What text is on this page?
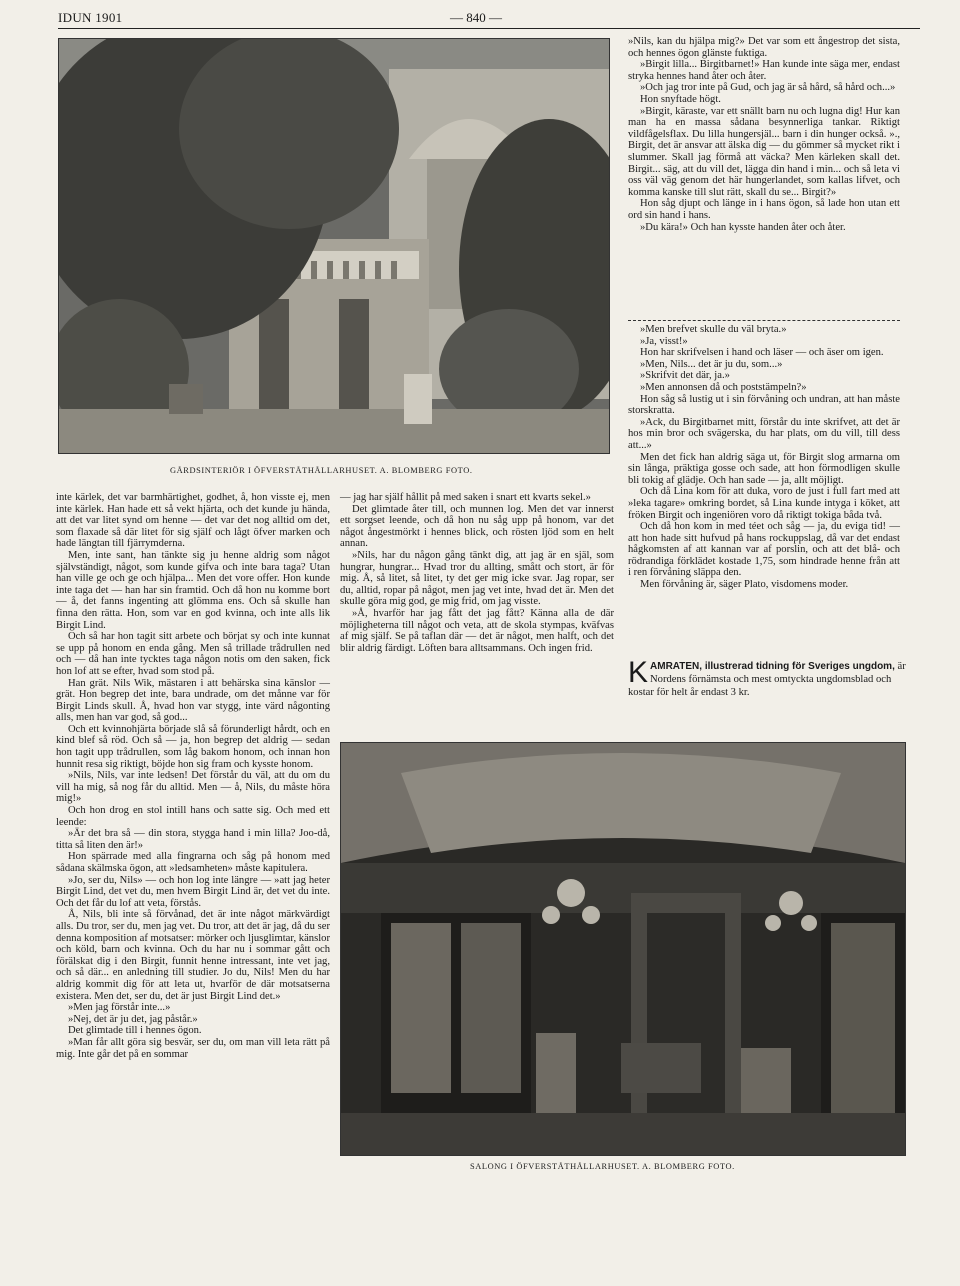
IDUN 1901	— 840 —
GÅRDSINTERIÖR I ÖFVERSTÅTHÅLLARHUSET. A. BLOMBERG FOTO.

»Nils, kan du hjälpa mig?» Det var som ett ångestrop det sista, och hennes ögon glänste fuktiga.

»Birgit lilla... Birgitbarnet!» Han kunde inte säga mer, endast stryka hennes hand åter och åter.

»Och jag tror inte på Gud, och jag är så hård, så hård och...»

Hon snyftade högt.

»Birgit, käraste, var ett snällt barn nu och lugna dig! Hur kan man ha en massa sådana besynnerliga tankar. Riktigt vildfågelsflax. Du lilla hungersjäl... barn i din hunger också. »., Birgit, det är ansvar att älska dig — du gömmer så mycket rikt i slummer. Skall jag förmå att väcka? Men kärleken skall det. Birgit... säg, att du vill det, lägga din hand i min... och så leta vi oss väl väg genom det här hungerlandet, som kallas lifvet, och komma kanske till slut rätt, skall du se... Birgit?»

Hon såg djupt och länge in i hans ögon, så lade hon utan ett ord sin hand i hans.

»Du kära!» Och han kysste handen åter och åter.

»Men brefvet skulle du väl bryta.»

»Ja, visst!»

Hon har skrifvelsen i hand och läser — och äser om igen.

»Men, Nils... det är ju du, som...»

»Skrifvit det där, ja.»

»Men annonsen då och poststämpeln?»

Hon såg så lustig ut i sin förvåning och undran, att han måste storskratta.

»Ack, du Birgitbarnet mitt, förstår du inte skrifvet, att det är hos min bror och svägerska, du har plats, om du vill, till dess att...»

Men det fick han aldrig säga ut, för Birgit slog armarna om sin långa, präktiga gosse och sade, att hon förmodligen skulle bli tokig af glädje. Och han sade — ja, allt möjligt.

Och då Lina kom för att duka, voro de just i full fart med att »leka tagare» omkring bordet, så Lina kunde intyga i köket, att fröken Birgit och ingeniören voro då riktigt tokiga båda två.

Och då hon kom in med téet och såg — ja, du eviga tid! — att hon hade sitt hufvud på hans rockuppslag, då var det endast hågkomsten af att kannan var af porslin, och att det blå- och rödrandiga förklädet kostade 1,75, som hindrade henne från att i ren förvåning släppa den.

Men förvåning är, säger Plato, visdomens moder.

K AMRATEN, illustrerad tidning för Sveriges ungdom, är Nordens förnämsta och mest omtyckta ungdomsblad och kostar för helt år endast 3 kr.

inte kärlek, det var barmhärtighet, godhet, å, hon visste ej, men inte kärlek. Han hade ett så vekt hjärta, och det kunde ju hända, att det var litet synd om henne — det var det nog alltid om det, som flaxade så där litet för sig själf och lågt öfver marken och hade längtan till fjärrymderna.

Men, inte sant, han tänkte sig ju henne aldrig som något självständigt, något, som kunde gifva och inte bara taga? Utan han ville ge och ge och hjälpa... Men det vore offer. Hon kunde inte taga det — han har sin framtid. Och då hon nu komme bort — å, det fanns ingenting att glömma ens. Och så skulle han finna den rätta. Hon, som var en god kvinna, och inte alls lik Birgit Lind.

Och så har hon tagit sitt arbete och börjat sy och inte kunnat se upp på honom en enda gång. Men så trillade trådrullen ned och — då han inte tycktes taga någon notis om den saken, fick hon lof att se efter, hvad som stod på.

Han grät. Nils Wik, mästaren i att behärska sina känslor — grät. Hon begrep det inte, bara undrade, om det månne var för Birgit Linds skull. Å, hvad hon var stygg, inte värd någonting alls, men han var god, så god...

Och ett kvinnohjärta började slå så förunderligt hårdt, och en kind blef så röd. Och så — ja, hon begrep det aldrig — sedan hon tagit upp trådrullen, som låg bakom honom, och innan hon hunnit resa sig riktigt, böjde hon sig fram och kysste honom.

»Nils, Nils, var inte ledsen! Det förstår du väl, att du om du vill ha mig, så nog får du alltid. Men — å, Nils, du måste höra mig!»

Och hon drog en stol intill hans och satte sig. Och med ett leende:

»Är det bra så — din stora, stygga hand i min lilla? Joo-då, titta så liten den är!»

Hon spärrade med alla fingrarna och såg på honom med sådana skälmska ögon, att »ledsamheten» måste kapitulera.

»Jo, ser du, Nils» — och hon log inte längre — »att jag heter Birgit Lind, det vet du, men hvem Birgit Lind är, det vet du inte. Och det får du lof att veta, förstås.

Å, Nils, bli inte så förvånad, det är inte något märkvärdigt alls. Du tror, ser du, men jag vet. Du tror, att det är jag, då du ser denna komposition af motsatser: mörker och ljusglimtar, känslor och köld, barn och kvinna. Och du har nu i sommar gått och förälskat dig i den Birgit, funnit henne intressant, inte vet jag, och så där... en anledning till studier. Jo du, Nils! Men du har aldrig kommit dig för att leta ut, hvarför de där motsatserna existera. Men det, ser du, det är just Birgit Lind det.»

»Men jag förstår inte...»

»Nej, det är ju det, jag påstår.»

Det glimtade till i hennes ögon.

»Man får allt göra sig besvär, ser du, om man vill leta rätt på mig. Inte går det på en sommar

— jag har själf hållit på med saken i snart ett kvarts sekel.»

Det glimtade åter till, och munnen log. Men det var innerst ett sorgset leende, och då hon nu såg upp på honom, var det något ångestmörkt i hennes blick, och rösten ljöd som en helt annan.

»Nils, har du någon gång tänkt dig, att jag är en själ, som hungrar, hungrar... Hvad tror du allting, smått och stort, är för mig. Å, så litet, så litet, ty det ger mig icke svar. Jag ropar, ser du, alltid, ropar på något, men jag vet inte, hvad det är. Men det skulle göra mig god, ge mig frid, om jag visste.

»Å, hvarför har jag fått det jag fått? Känna alla de där möjligheterna till något och veta, att de skola stympas, kväfvas af mig själf. Se på taflan där — det är något, men halft, och det blir aldrig färdigt. Löften bara alltsammans. Och ingen frid.

SALONG I ÖFVERSTÅTHÅLLARHUSET. A. BLOMBERG FOTO.
